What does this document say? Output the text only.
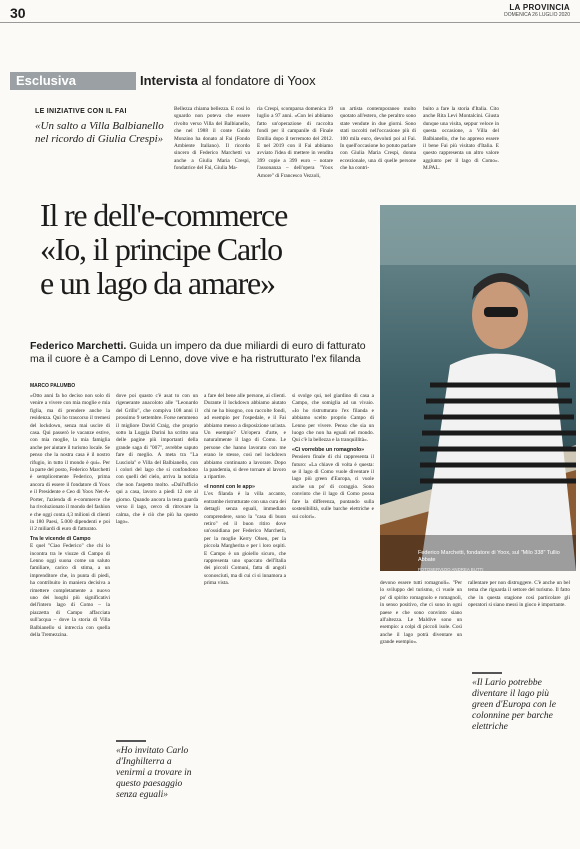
30	LA PROVINCIA
DOMENICA 26 LUGLIO 2020
Esclusiva	Intervista al fondatore di Yoox
LE INIZIATIVE CON IL FAI
«Un salto a Villa Balbianello nel ricordo di Giulia Crespi»
Bellezza chiama bellezza. E così lo sguardo non poteva che essere rivolto verso Villa del Balbianello, che nel 1988 il conte Guido Monzino ha donato al Fai (Fondo Ambiente Italiano). Il ricordo sincero di Federico Marchetti va anche a Giulia Maria Crespi, fondatrice del Fai, Giulia Ma-
ria Crespi, scomparsa domenica 19 luglio a 97 anni. «Con lei abbiamo fatto un'operazione di raccolta fondi per il campanile di Finale Emilia dopo il terremoto del 2012. E nel 2019 con il Fai abbiamo avviato l'idea di mettere in vendita 399 copie a 399 euro – notare l'assonanza – dell'opera "Yoox Amore" di Francesco Vezzoli,
un artista contemporaneo molto quotato all'estero, che peraltro sono state vendute in due giorni. Sono stati raccolti nell'occasione più di 100 mila euro, devoluti poi al Fai. In quell'occasione ho potuto parlare con Giulia Maria Crespi, donna eccezionale, una di quelle persone che ha contri-
buito a fare la storia d'Italia. Cito anche Rita Levi Montalcini. Giusta dunque una visita, seppur veloce in questa occasione, a Villa del Balbianello, che ho appreso essere il bene Fai più visitato d'Italia. E questo rappresenta un altro valore aggiunto per il lago di Como». M.PAL.
Il re dell'e-commerce
«Io, il principe Carlo
e un lago da amare»
Federico Marchetti, fondatore di Yoox, sul "Milo 338" Tullio Abbate
FOTOSERVIZIO ANDREA BUTTI
Federico Marchetti. Guida un impero da due miliardi di euro di fatturato
ma il cuore è a Campo di Lenno, dove vive e ha ristrutturato l'ex filanda
MARCO PALUMBO
«Otto anni fa ho deciso non solo di venire a vivere con mia moglie e mia figlia, ma di prendere anche la residenza. Qui ho trascorso il tremesi del lockdown, senza mai uscire di casa. Qui passerò le vacanze estive, con mia moglie, la mia famiglia anche per aiutare il turismo locale. Se penso che la nostra casa è il nostro rifugio, in tutto il mondo è qui». Per la parte del posto, Federico Marchetti è semplicemente Federico, prima ancora di essere il fondatore di Yoox e il Presidente e Ceo di Yoox Net-A-Porter, l'azienda di e-commerce che ha rivoluzionato il mondo del fashion e che oggi conta 4,3 milioni di clienti in 180 Paesi, 5.000 dipendenti e poi il 2 miliardi di euro di fatturato.
Tra le vicende di Campo
E quel "Ciao Federico" che chi lo incontra tra le viuzze di Campo di Lenno oggi suona come un saluto familiare, carico di stima, a un imprenditore che, in punta di piedi, ha contribuito in maniera decisiva a rimettere completamente a nuovo uno dei luoghi più significativi dell'intero lago di Como – la piazzetta di Campo affacciata sull'acqua – dove la storia di Villa Balbianello si intreccia con quella della Tremezzina.
dove poi quasto c'è asat to con un rigenerante anacoloto alle "Leonardo del Grillo", che compiva 108 anni il prossimo 9 settembre. Forse nemmeno il migliore David Craig, che proprio sotto la Loggia Durini ha scritto una delle pagine più importanti della grande saga di "007", avrebbe saputo fare di meglio. A meta tra "La Lusciola" e Villa del Balbianello, con i colori del lago che si confondono con quelli del cielo, arriva la notizia che non l'aspetto molto. «Dall'ufficio qui a casa, lavoro a piedi 12 ore al giorno. Quando ancora la testa guarda verso il lago, cerco di ritrovare la calma, che è ciò che più ha questo lago».
a fare del bene alle persone, ai clienti. Durante il lockdown abbiamo aiutato chi ne ha bisogno, con raccolte fondi, ad esempio per l'ospedale, e il Fai abbiamo messo a disposizione un'asta. Un esempio? Un'opera d'arte, e naturalmente il lago di Como. Le persone che hanno lavorato con me erano le stesse, così nel lockdown abbiamo continuato a lavorare. Dopo la pandemia, si deve tornare al lavoro a ripartire.
«I nonni con le app»
L'ex filanda è la villa accanto, entrambe ristrutturate con una cura dei dettagli senza eguali, immediato comprendere, sono la "casa di buon retiro" ed il buon ritiro dove un'ossidiana per Federico Marchetti, per la moglie Kerry Olsen, per la piccola Margherita e per i loro ospiti. E Campo è un gioiello sicuro, che rappresenta uno spaccato dell'Italia dei piccoli Comuni, fatta di angoli sconosciuti, ma di cui ci si innamora a prima vista.
si svolge qui, nel giardino di casa a Campo, che somiglia ad un vivaio. «Io ho ristrutturato l'ex filanda e abbiamo scelto proprio Campo di Lenno per vivere. Penso che sia un luogo che non ha eguali nel mondo. Qui c'è la bellezza e la tranquillità».
«Ci vorrebbe un romagnolo»
Pensiero finale di chi rappresenta il futuro: «La chiave di volta è questa: se il lago di Como vuole diventare il lago più green d'Europa, ci vuole anche un po' di coraggio. Sono convinto che il lago di Como possa fare la differenza, puntando sulla sostenibilità, sulle barche elettriche e sui colori».
devono essere tutti romagnoli». "Per lo sviluppo del turismo, ci vuole un po' di spirito romagnolo e romagnoli, in senso positivo, che ci sono in ogni paese e che sono convinto siano all'altezza. Le Maldive sono un esempio: a colpi di piccoli isole. Così anche il lago potrà diventare un grande esempio».
rallentare per non distruggere. C'è anche un bel tema che riguarda il settore del turismo. Il fatto che in questa stagione così particolare gli operatori si siano messi in gioco è importante.
«Ho invitato Carlo d'Inghilterra a venirmi a trovare in questo paesaggio senza eguali»
«Il Lario potrebbe diventare il lago più green d'Europa con le colonnine per barche elettriche
